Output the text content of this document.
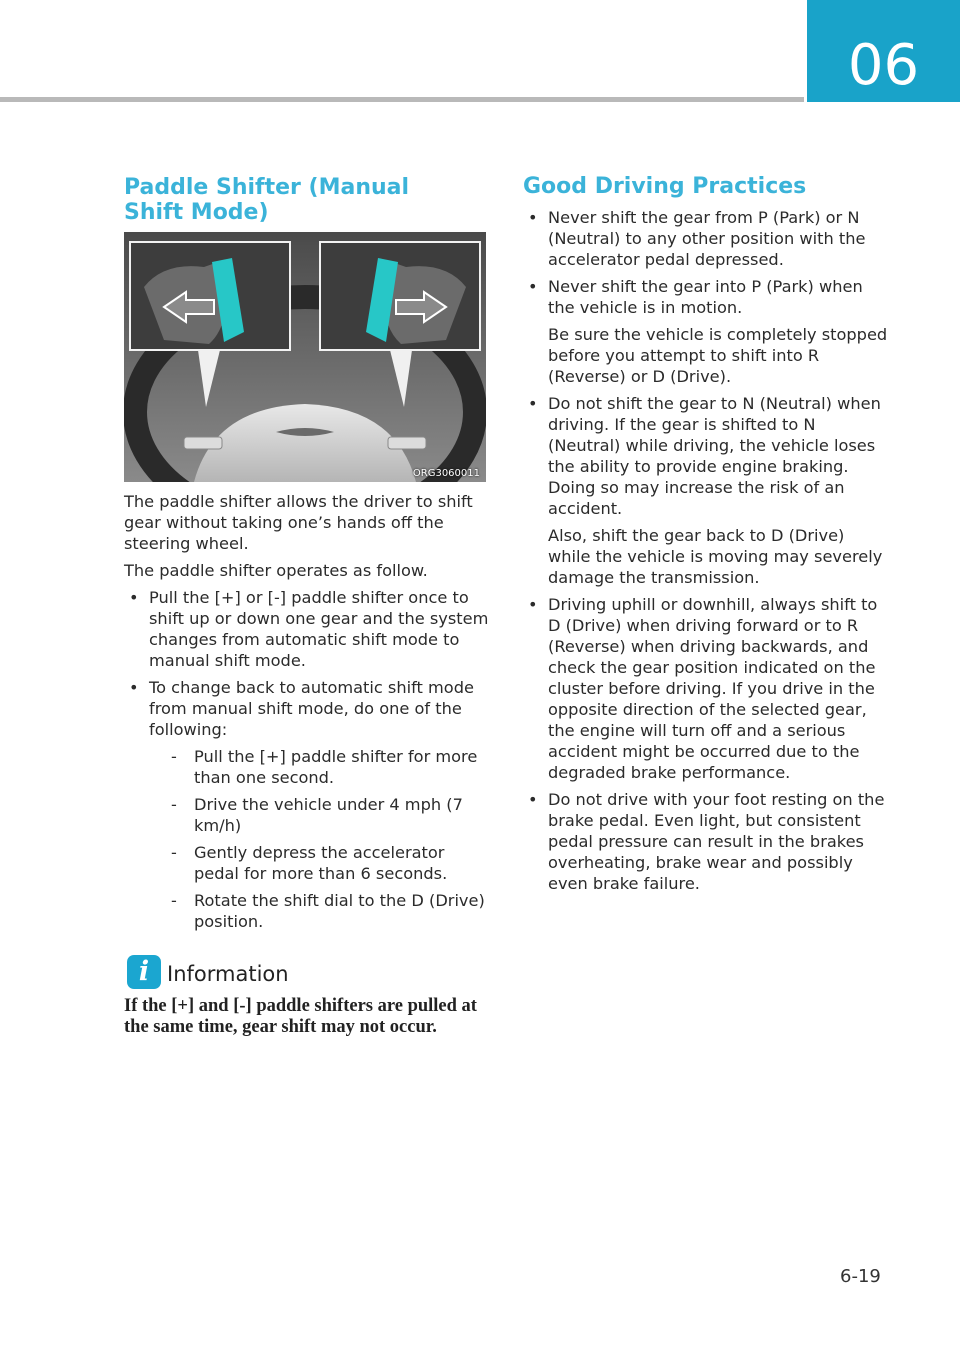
06
Paddle Shifter (Manual Shift Mode)
ORG3060011

The paddle shifter allows the driver to shift gear without taking one’s hands off the steering wheel.

The paddle shifter operates as follow.

• Pull the [+] or [-] paddle shifter once to shift up or down one gear and the system changes from automatic shift mode to manual shift mode.
• To change back to automatic shift mode from manual shift mode, do one of the following:
- Pull the [+] paddle shifter for more than one second.
- Drive the vehicle under 4 mph (7 km/h)
- Gently depress the accelerator pedal for more than 6 seconds.
- Rotate the shift dial to the D (Drive) position.
i Information
If the [+] and [-] paddle shifters are pulled at the same time, gear shift may not occur.
Good Driving Practices

• Never shift the gear from P (Park) or N (Neutral) to any other position with the accelerator pedal depressed.

• Never shift the gear into P (Park) when the vehicle is in motion.

Be sure the vehicle is completely stopped before you attempt to shift into R (Reverse) or D (Drive).

• Do not shift the gear to N (Neutral) when driving. If the gear is shifted to N (Neutral) while driving, the vehicle loses the ability to provide engine braking. Doing so may increase the risk of an accident.

Also, shift the gear back to D (Drive) while the vehicle is moving may severely damage the transmission.

• Driving uphill or downhill, always shift to D (Drive) when driving forward or to R (Reverse) when driving backwards, and check the gear position indicated on the cluster before driving. If you drive in the opposite direction of the selected gear, the engine will turn off and a serious accident might be occurred due to the degraded brake performance.

• Do not drive with your foot resting on the brake pedal. Even light, but consistent pedal pressure can result in the brakes overheating, brake wear and possibly even brake failure.

6-19
